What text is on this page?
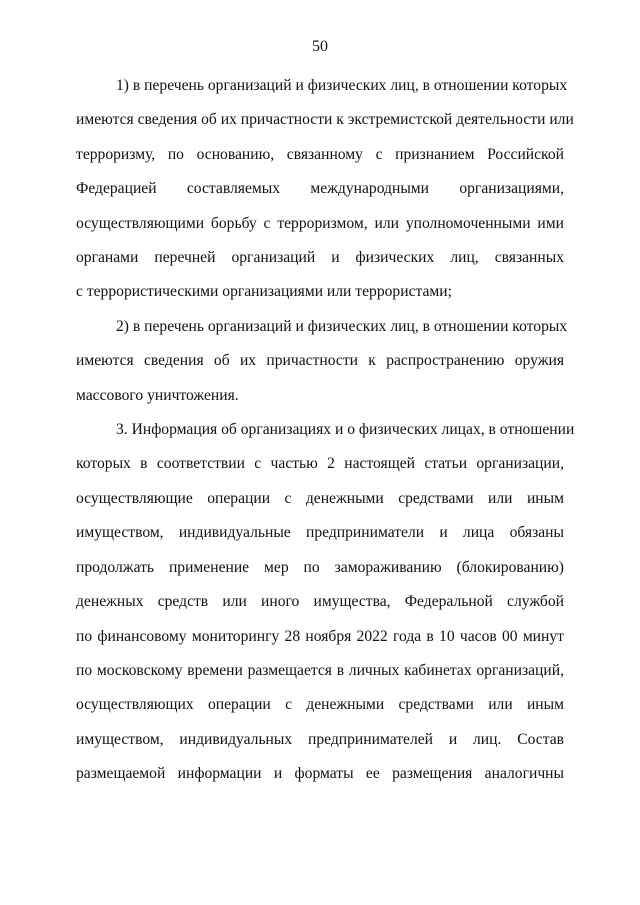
50

1) в перечень организаций и физических лиц, в отношении которых
имеются сведения об их причастности к экстремистской деятельности или
терроризму, по основанию, связанному с признанием Российской
Федерацией составляемых международными организациями,
осуществляющими борьбу с терроризмом, или уполномоченными ими
органами перечней организаций и физических лиц, связанных
с террористическими организациями или террористами;

2) в перечень организаций и физических лиц, в отношении которых
имеются сведения об их причастности к распространению оружия
массового уничтожения.

3. Информация об организациях и о физических лицах, в отношении
которых в соответствии с частью 2 настоящей статьи организации,
осуществляющие операции с денежными средствами или иным
имуществом, индивидуальные предприниматели и лица обязаны
продолжать применение мер по замораживанию (блокированию)
денежных средств или иного имущества, Федеральной службой
по финансовому мониторингу 28 ноября 2022 года в 10 часов 00 минут
по московскому времени размещается в личных кабинетах организаций,
осуществляющих операции с денежными средствами или иным
имуществом, индивидуальных предпринимателей и лиц. Состав
размещаемой информации и форматы ее размещения аналогичны
